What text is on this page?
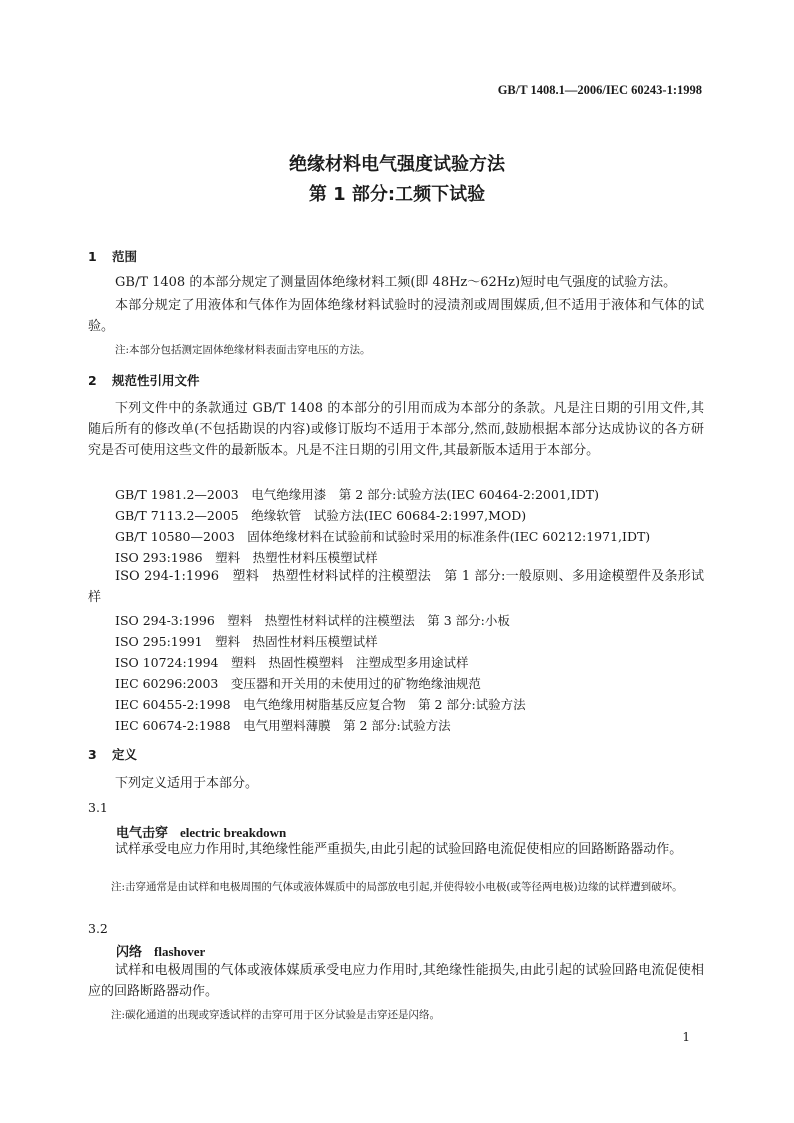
GB/T 1408.1—2006/IEC 60243-1:1998
绝缘材料电气强度试验方法
第 1 部分:工频下试验
1 范围

GB/T 1408 的本部分规定了测量固体绝缘材料工频(即 48Hz～62Hz)短时电气强度的试验方法。

本部分规定了用液体和气体作为固体绝缘材料试验时的浸渍剂或周围媒质,但不适用于液体和气体的试验。

注:本部分包括测定固体绝缘材料表面击穿电压的方法。
2 规范性引用文件

下列文件中的条款通过 GB/T 1408 的本部分的引用而成为本部分的条款。凡是注日期的引用文件,其随后所有的修改单(不包括勘误的内容)或修订版均不适用于本部分,然而,鼓励根据本部分达成协议的各方研究是否可使用这些文件的最新版本。凡是不注日期的引用文件,其最新版本适用于本部分。

GB/T 1981.2—2003　电气绝缘用漆　第 2 部分:试验方法(IEC 60464-2:2001,IDT)
GB/T 7113.2—2005　绝缘软管　试验方法(IEC 60684-2:1997,MOD)
GB/T 10580—2003　固体绝缘材料在试验前和试验时采用的标准条件(IEC 60212:1971,IDT)
ISO 293:1986　塑料　热塑性材料压模塑试样

ISO 294-1:1996　塑料　热塑性材料试样的注模塑法　第 1 部分:一般原则、多用途模塑件及条形试样

ISO 294-3:1996　塑料　热塑性材料试样的注模塑法　第 3 部分:小板
ISO 295:1991　塑料　热固性材料压模塑试样
ISO 10724:1994　塑料　热固性模塑料　注塑成型多用途试样
IEC 60296:2003　变压器和开关用的未使用过的矿物绝缘油规范
IEC 60455-2:1998　电气绝缘用树脂基反应复合物　第 2 部分:试验方法
IEC 60674-2:1988　电气用塑料薄膜　第 2 部分:试验方法
3 定义

下列定义适用于本部分。

3.1
电气击穿 electric breakdown

试样承受电应力作用时,其绝缘性能严重损失,由此引起的试验回路电流促使相应的回路断路器动作。

注:击穿通常是由试样和电极周围的气体或液体媒质中的局部放电引起,并使得较小电极(或等径两电极)边缘的试样遭到破坏。
3.2
闪络 flashover

试样和电极周围的气体或液体媒质承受电应力作用时,其绝缘性能损失,由此引起的试验回路电流促使相应的回路断路器动作。

注:碳化通道的出现或穿透试样的击穿可用于区分试验是击穿还是闪络。
1
